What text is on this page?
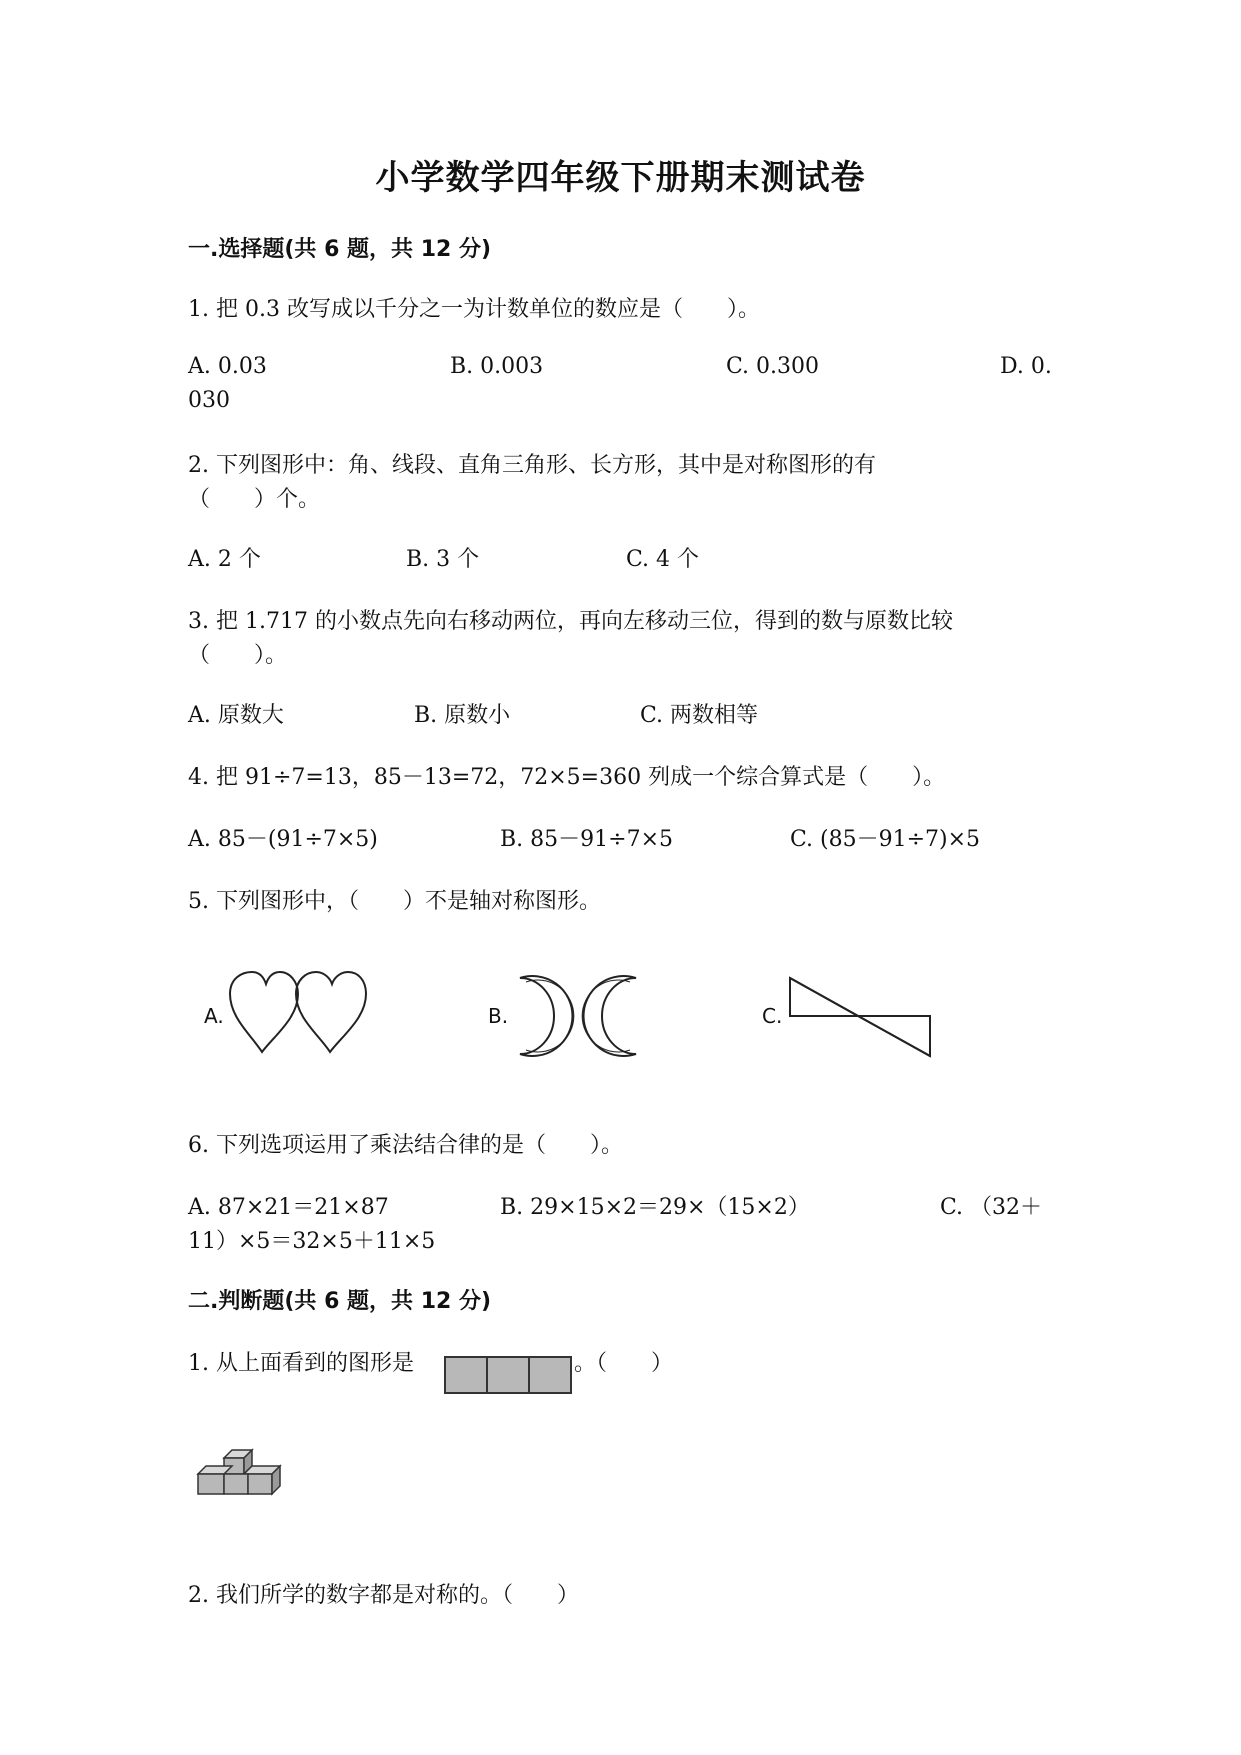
小学数学四年级下册期末测试卷
一.选择题(共 6 题，共 12 分)
1. 把 0.3 改写成以千分之一为计数单位的数应是（　　）。
A. 0.03	B. 0.003	C. 0.300	D. 0.
030
2. 下列图形中：角、线段、直角三角形、长方形，其中是对称图形的有
（　　）个。
A. 2 个	B. 3 个	C. 4 个
3. 把 1.717 的小数点先向右移动两位，再向左移动三位，得到的数与原数比较
（　　）。
A. 原数大	B. 原数小	C. 两数相等
4. 把 91÷7=13，85－13=72，72×5=360 列成一个综合算式是（　　）。
A. 85－(91÷7×5)	B. 85－91÷7×5	C. (85－91÷7)×5
5. 下列图形中，（　　）不是轴对称图形。
A.	B.	C.
6. 下列选项运用了乘法结合律的是（　　）。
A. 87×21＝21×87	B. 29×15×2＝29×（15×2）	C. （32＋
11）×5＝32×5＋11×5
二.判断题(共 6 题，共 12 分)
1. 从上面看到的图形是	。（　　）
2. 我们所学的数字都是对称的。（　　）
